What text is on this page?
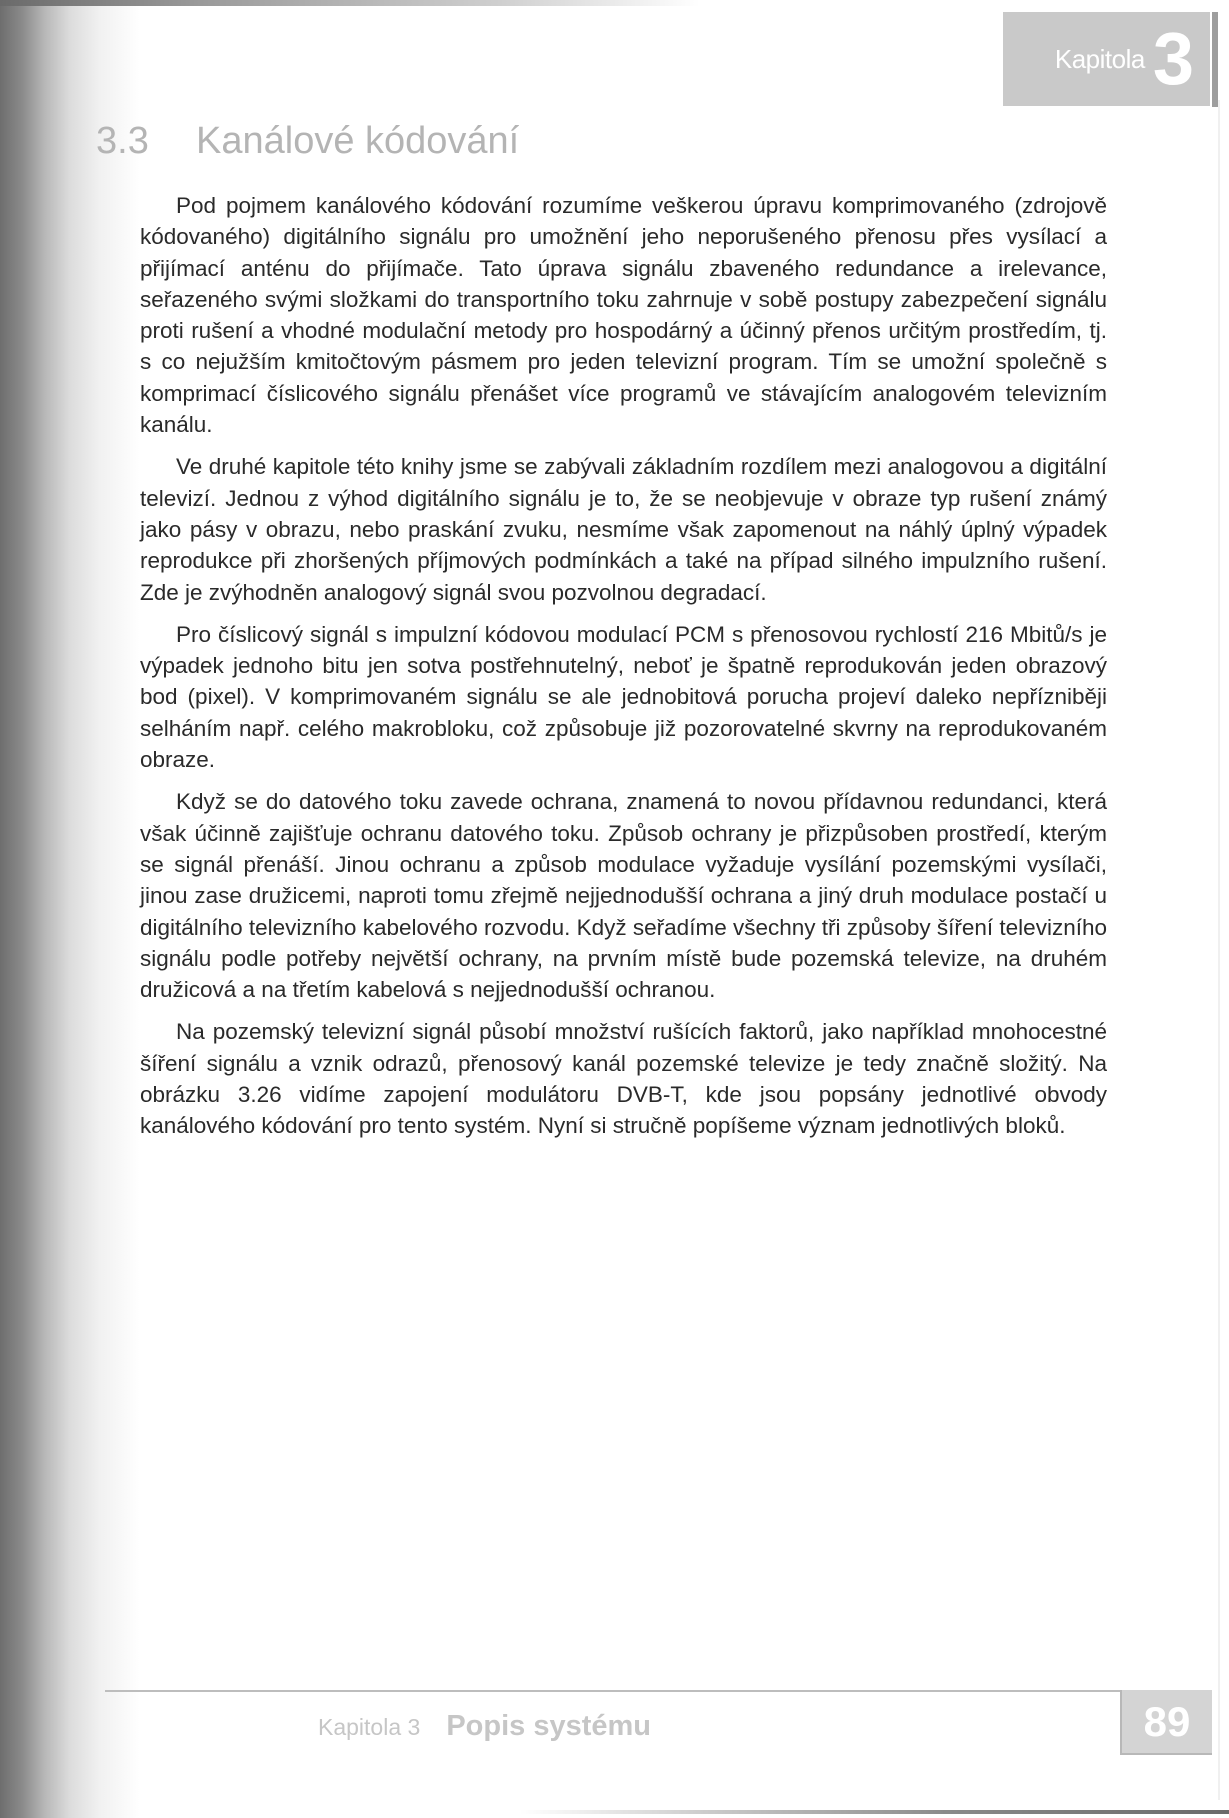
Kapitola 3
3.3 Kanálové kódování

Pod pojmem kanálového kódování rozumíme veškerou úpravu komprimovaného (zdrojově kódovaného) digitálního signálu pro umožnění jeho neporušeného přenosu přes vysílací a přijímací anténu do přijímače. Tato úprava signálu zbaveného redundance a irelevance, seřazeného svými složkami do transportního toku zahrnuje v sobě postupy zabezpečení signálu proti rušení a vhodné modulační metody pro hospodárný a účinný přenos určitým prostředím, tj. s co nejužším kmitočtovým pásmem pro jeden televizní program. Tím se umožní společně s komprimací číslicového signálu přenášet více programů ve stávajícím analogovém televizním kanálu.

Ve druhé kapitole této knihy jsme se zabývali základním rozdílem mezi analogovou a digitální televizí. Jednou z výhod digitálního signálu je to, že se neobjevuje v obraze typ rušení známý jako pásy v obrazu, nebo praskání zvuku, nesmíme však zapomenout na náhlý úplný výpadek reprodukce při zhoršených příjmových podmínkách a také na případ silného impulzního rušení. Zde je zvýhodněn analogový signál svou pozvolnou degradací.

Pro číslicový signál s impulzní kódovou modulací PCM s přenosovou rychlostí 216 Mbitů/s je výpadek jednoho bitu jen sotva postřehnutelný, neboť je špatně reprodukován jeden obrazový bod (pixel). V komprimovaném signálu se ale jednobitová porucha projeví daleko nepřízniběji selháním např. celého makrobloku, což způsobuje již pozorovatelné skvrny na reprodukovaném obraze.

Když se do datového toku zavede ochrana, znamená to novou přídavnou redundanci, která však účinně zajišťuje ochranu datového toku. Způsob ochrany je přizpůsoben prostředí, kterým se signál přenáší. Jinou ochranu a způsob modulace vyžaduje vysílání pozemskými vysílači, jinou zase družicemi, naproti tomu zřejmě nejjednodušší ochrana a jiný druh modulace postačí u digitálního televizního kabelového rozvodu. Když seřadíme všechny tři způsoby šíření televizního signálu podle potřeby největší ochrany, na prvním místě bude pozemská televize, na druhém družicová a na třetím kabelová s nejjednodušší ochranou.

Na pozemský televizní signál působí množství rušících faktorů, jako například mnohocestné šíření signálu a vznik odrazů, přenosový kanál pozemské televize je tedy značně složitý. Na obrázku 3.26 vidíme zapojení modulátoru DVB-T, kde jsou popsány jednotlivé obvody kanálového kódování pro tento systém. Nyní si stručně popíšeme význam jednotlivých bloků.

Kapitola 3 Popis systému	89
